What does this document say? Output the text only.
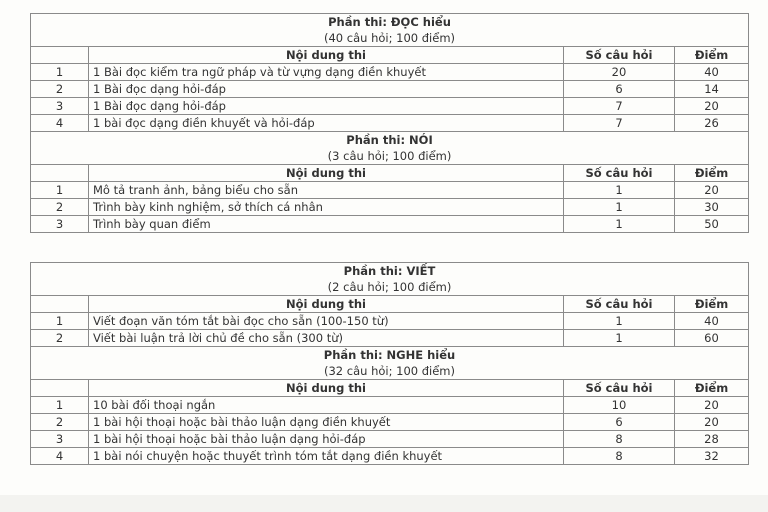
Phần thi: ĐỌC hiểu			
(40 câu hỏi; 100 điểm)			
	Nội dung thi	Số câu hỏi	Điểm
1	1 Bài đọc kiểm tra ngữ pháp và từ vựng dạng điền khuyết	20	40
2	1 Bài đọc dạng hỏi-đáp	6	14
3	1 Bài đọc dạng hỏi-đáp	7	20
4	1 bài đọc dạng điền khuyết và hỏi-đáp	7	26
Phần thi: NÓI			
(3 câu hỏi; 100 điểm)			
	Nội dung thi	Số câu hỏi	Điểm
1	Mô tả tranh ảnh, bảng biểu cho sẵn	1	20
2	Trình bày kinh nghiệm, sở thích cá nhân	1	30
3	Trình bày quan điểm	1	50
Phần thi: VIẾT			
(2 câu hỏi; 100 điểm)			
	Nội dung thi	Số câu hỏi	Điểm
1	Viết đoạn văn tóm tắt bài đọc cho sẵn (100-150 từ)	1	40
2	Viết bài luận trả lời chủ đề cho sẵn (300 từ)	1	60
Phần thi: NGHE hiểu			
(32 câu hỏi; 100 điểm)			
	Nội dung thi	Số câu hỏi	Điểm
1	10 bài đối thoại ngắn	10	20
2	1 bài hội thoại hoặc bài thảo luận dạng điền khuyết	6	20
3	1 bài hội thoại hoặc bài thảo luận dạng hỏi-đáp	8	28
4	1 bài nói chuyện hoặc thuyết trình tóm tắt dạng điền khuyết	8	32
